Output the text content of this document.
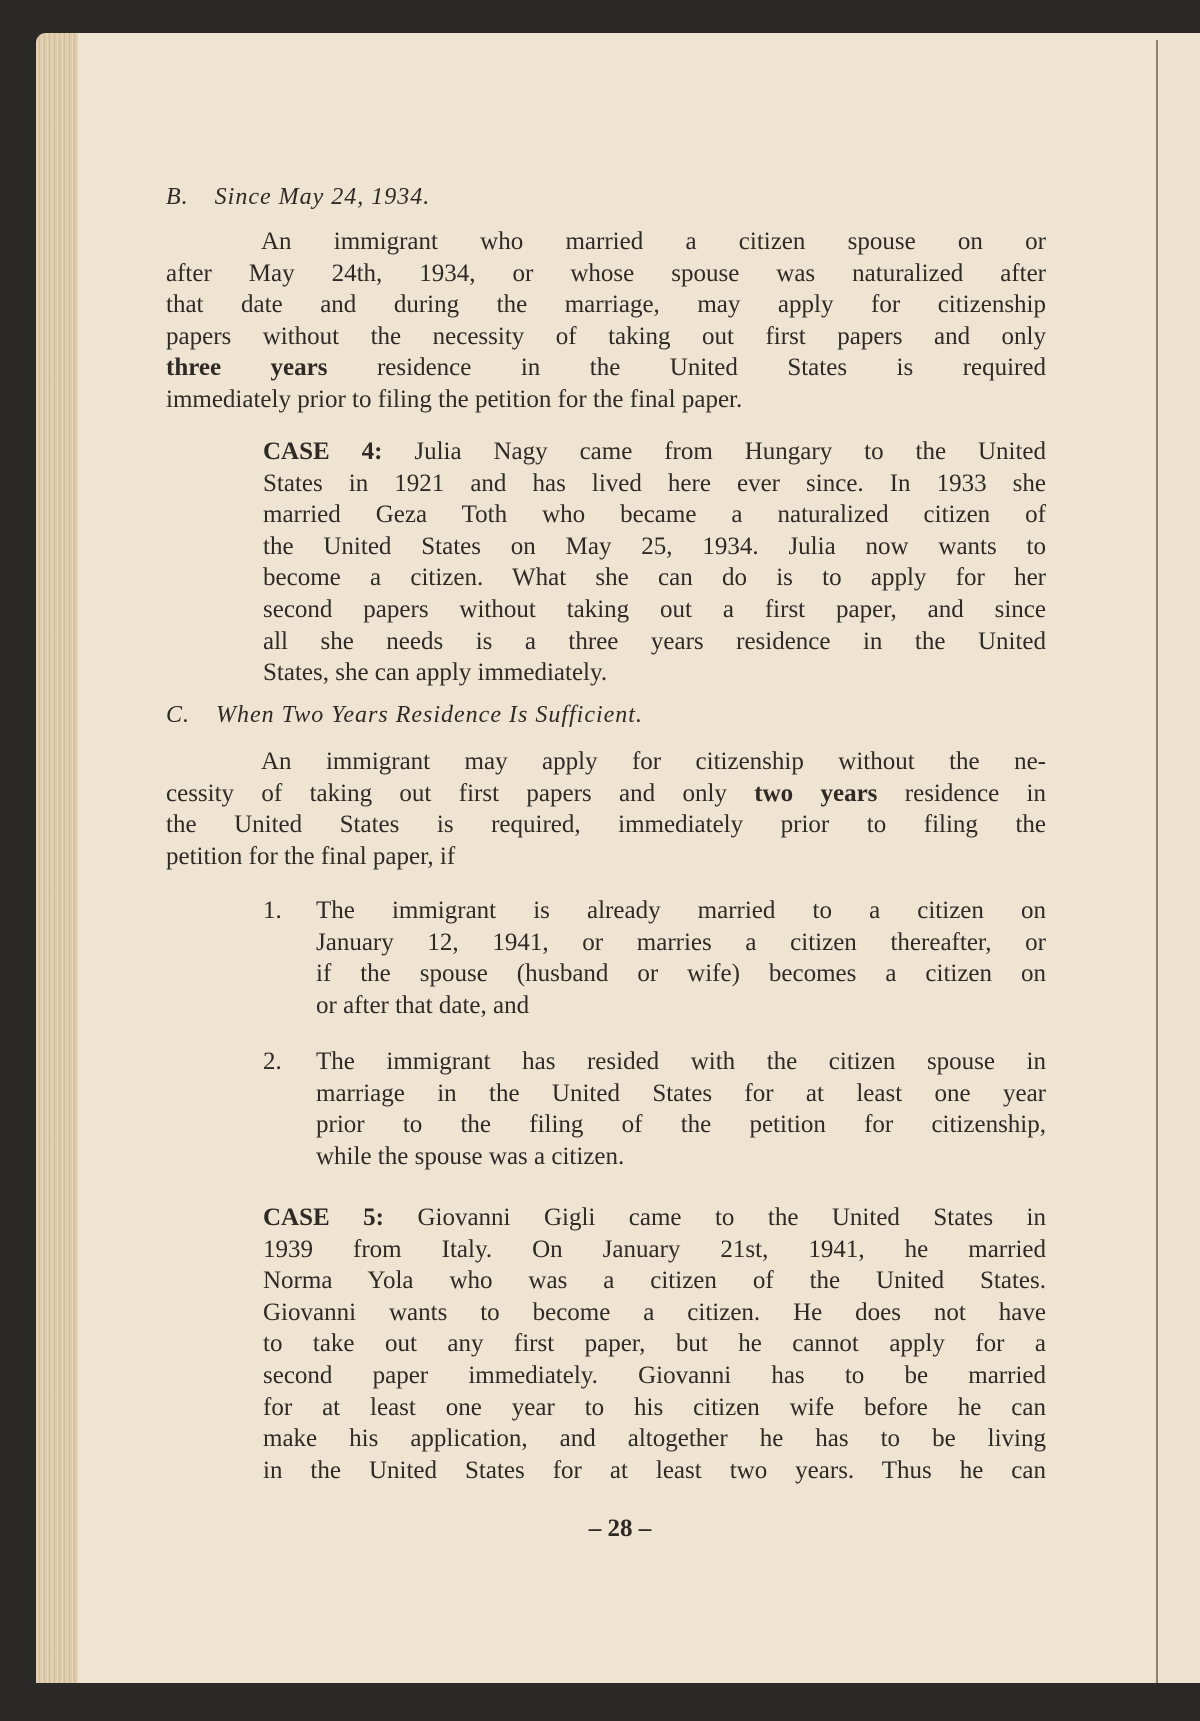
B. Since May 24, 1934.
An immigrant who married a citizen spouse on or
after May 24th, 1934, or whose spouse was naturalized after
that date and during the marriage, may apply for citizenship
papers without the necessity of taking out first papers and only
three years residence in the United States is required
immediately prior to filing the petition for the final paper.
CASE 4: Julia Nagy came from Hungary to the United
States in 1921 and has lived here ever since. In 1933 she
married Geza Toth who became a naturalized citizen of
the United States on May 25, 1934. Julia now wants to
become a citizen. What she can do is to apply for her
second papers without taking out a first paper, and since
all she needs is a three years residence in the United
States, she can apply immediately.
C. When Two Years Residence Is Sufficient.
An immigrant may apply for citizenship without the ne-
cessity of taking out first papers and only two years residence in
the United States is required, immediately prior to filing the
petition for the final paper, if
1. The immigrant is already married to a citizen on
January 12, 1941, or marries a citizen thereafter, or
if the spouse (husband or wife) becomes a citizen on
or after that date, and
2. The immigrant has resided with the citizen spouse in
marriage in the United States for at least one year
prior to the filing of the petition for citizenship,
while the spouse was a citizen.
CASE 5: Giovanni Gigli came to the United States in
1939 from Italy. On January 21st, 1941, he married
Norma Yola who was a citizen of the United States.
Giovanni wants to become a citizen. He does not have
to take out any first paper, but he cannot apply for a
second paper immediately. Giovanni has to be married
for at least one year to his citizen wife before he can
make his application, and altogether he has to be living
in the United States for at least two years. Thus he can
– 28 –
